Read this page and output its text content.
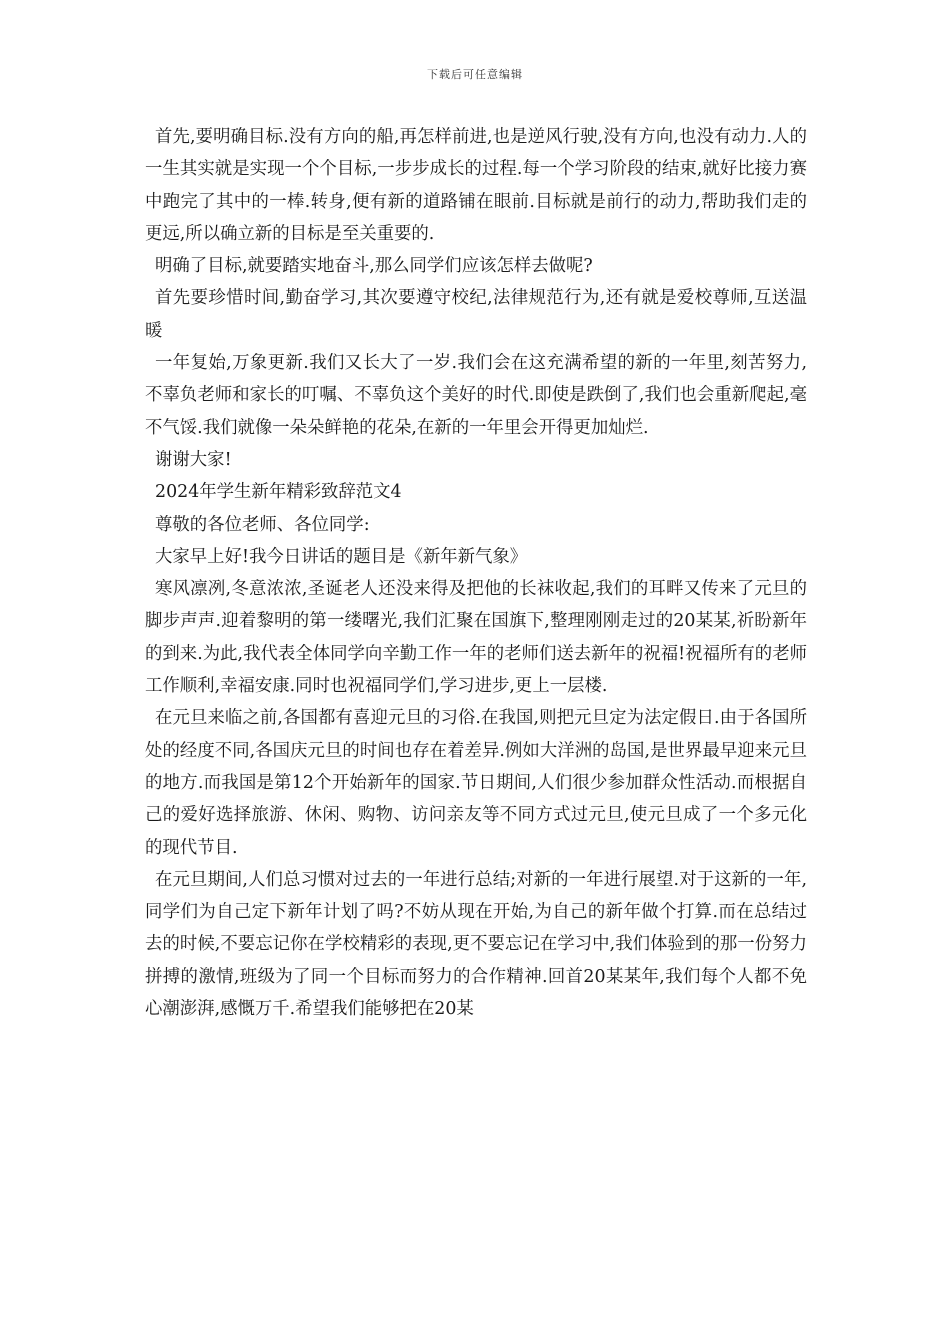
下载后可任意编辑

首先,要明确目标.没有方向的船,再怎样前进,也是逆风行驶,没有方向,也没有动力.人的一生其实就是实现一个个目标,一步步成长的过程.每一个学习阶段的结束,就好比接力赛中跑完了其中的一棒.转身,便有新的道路铺在眼前.目标就是前行的动力,帮助我们走的更远,所以确立新的目标是至关重要的.

明确了目标,就要踏实地奋斗,那么同学们应该怎样去做呢?

首先要珍惜时间,勤奋学习,其次要遵守校纪,法律规范行为,还有就是爱校尊师,互送温暖

一年复始,万象更新.我们又长大了一岁.我们会在这充满希望的新的一年里,刻苦努力,不辜负老师和家长的叮嘱、不辜负这个美好的时代.即使是跌倒了,我们也会重新爬起,毫不气馁.我们就像一朵朵鲜艳的花朵,在新的一年里会开得更加灿烂.

谢谢大家!

2024年学生新年精彩致辞范文4

尊敬的各位老师、各位同学:

大家早上好!我今日讲话的题目是《新年新气象》

寒风凛冽,冬意浓浓,圣诞老人还没来得及把他的长袜收起,我们的耳畔又传来了元旦的脚步声声.迎着黎明的第一缕曙光,我们汇聚在国旗下,整理刚刚走过的20某某,祈盼新年的到来.为此,我代表全体同学向辛勤工作一年的老师们送去新年的祝福!祝福所有的老师工作顺利,幸福安康.同时也祝福同学们,学习进步,更上一层楼.

在元旦来临之前,各国都有喜迎元旦的习俗.在我国,则把元旦定为法定假日.由于各国所处的经度不同,各国庆元旦的时间也存在着差异.例如大洋洲的岛国,是世界最早迎来元旦的地方.而我国是第12个开始新年的国家.节日期间,人们很少参加群众性活动.而根据自己的爱好选择旅游、休闲、购物、访问亲友等不同方式过元旦,使元旦成了一个多元化的现代节目.

在元旦期间,人们总习惯对过去的一年进行总结;对新的一年进行展望.对于这新的一年,同学们为自己定下新年计划了吗?不妨从现在开始,为自己的新年做个打算.而在总结过去的时候,不要忘记你在学校精彩的表现,更不要忘记在学习中,我们体验到的那一份努力拼搏的激情,班级为了同一个目标而努力的合作精神.回首20某某年,我们每个人都不免心潮澎湃,感慨万千.希望我们能够把在20某
